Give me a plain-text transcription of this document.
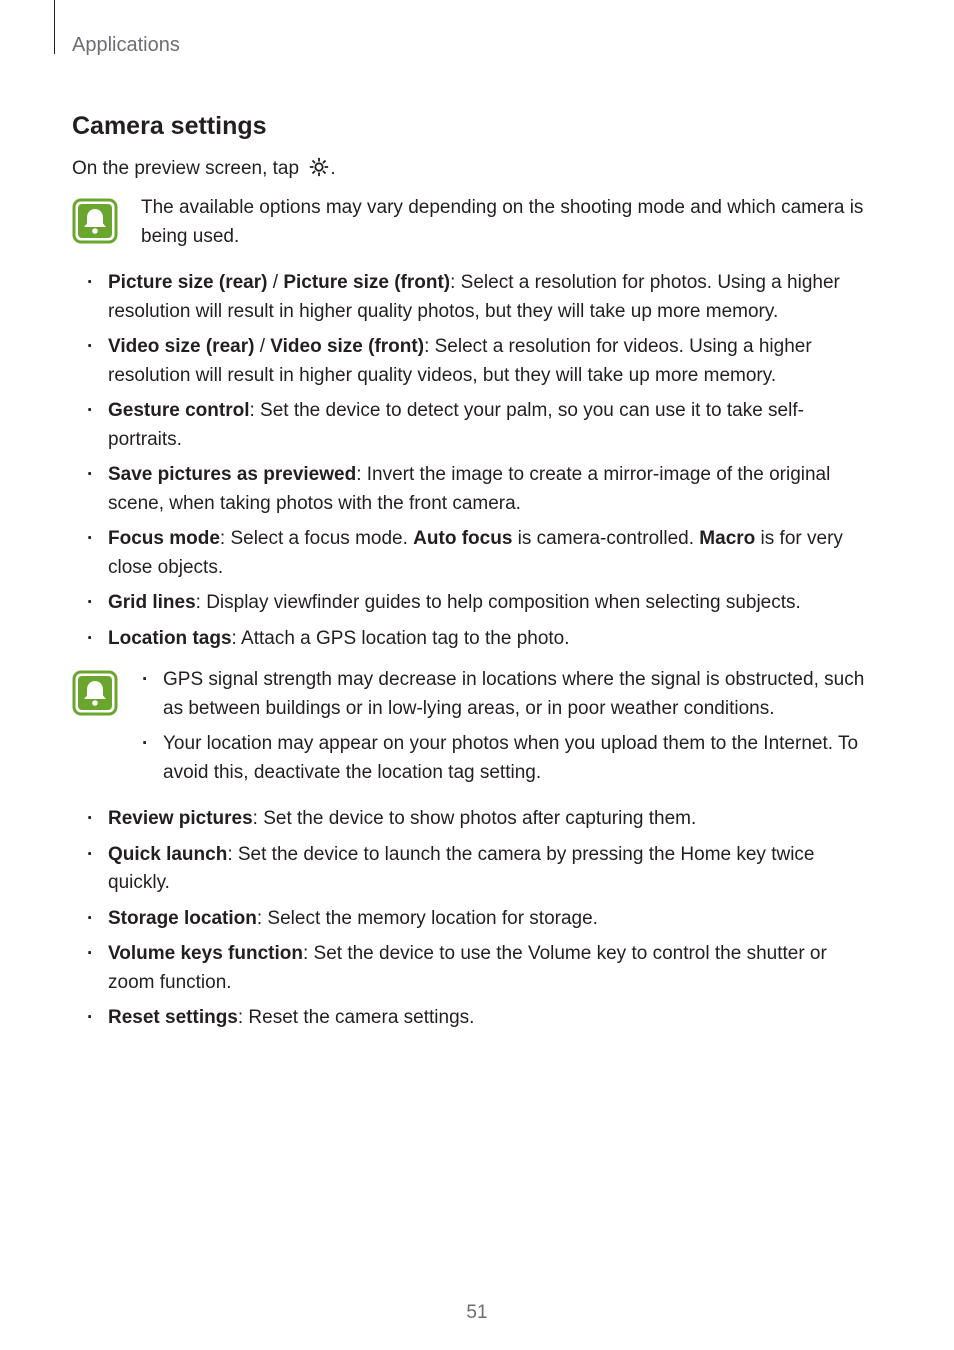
Applications
Camera settings
On the preview screen, tap .
The available options may vary depending on the shooting mode and which camera is being used.
· Picture size (rear) / Picture size (front): Select a resolution for photos. Using a higher resolution will result in higher quality photos, but they will take up more memory.
· Video size (rear) / Video size (front): Select a resolution for videos. Using a higher resolution will result in higher quality videos, but they will take up more memory.
· Gesture control: Set the device to detect your palm, so you can use it to take self-portraits.
· Save pictures as previewed: Invert the image to create a mirror-image of the original scene, when taking photos with the front camera.
· Focus mode: Select a focus mode. Auto focus is camera-controlled. Macro is for very close objects.
· Grid lines: Display viewfinder guides to help composition when selecting subjects.
· Location tags: Attach a GPS location tag to the photo.
· GPS signal strength may decrease in locations where the signal is obstructed, such as between buildings or in low-lying areas, or in poor weather conditions.
· Your location may appear on your photos when you upload them to the Internet. To avoid this, deactivate the location tag setting.
· Review pictures: Set the device to show photos after capturing them.
· Quick launch: Set the device to launch the camera by pressing the Home key twice quickly.
· Storage location: Select the memory location for storage.
· Volume keys function: Set the device to use the Volume key to control the shutter or zoom function.
· Reset settings: Reset the camera settings.
51
